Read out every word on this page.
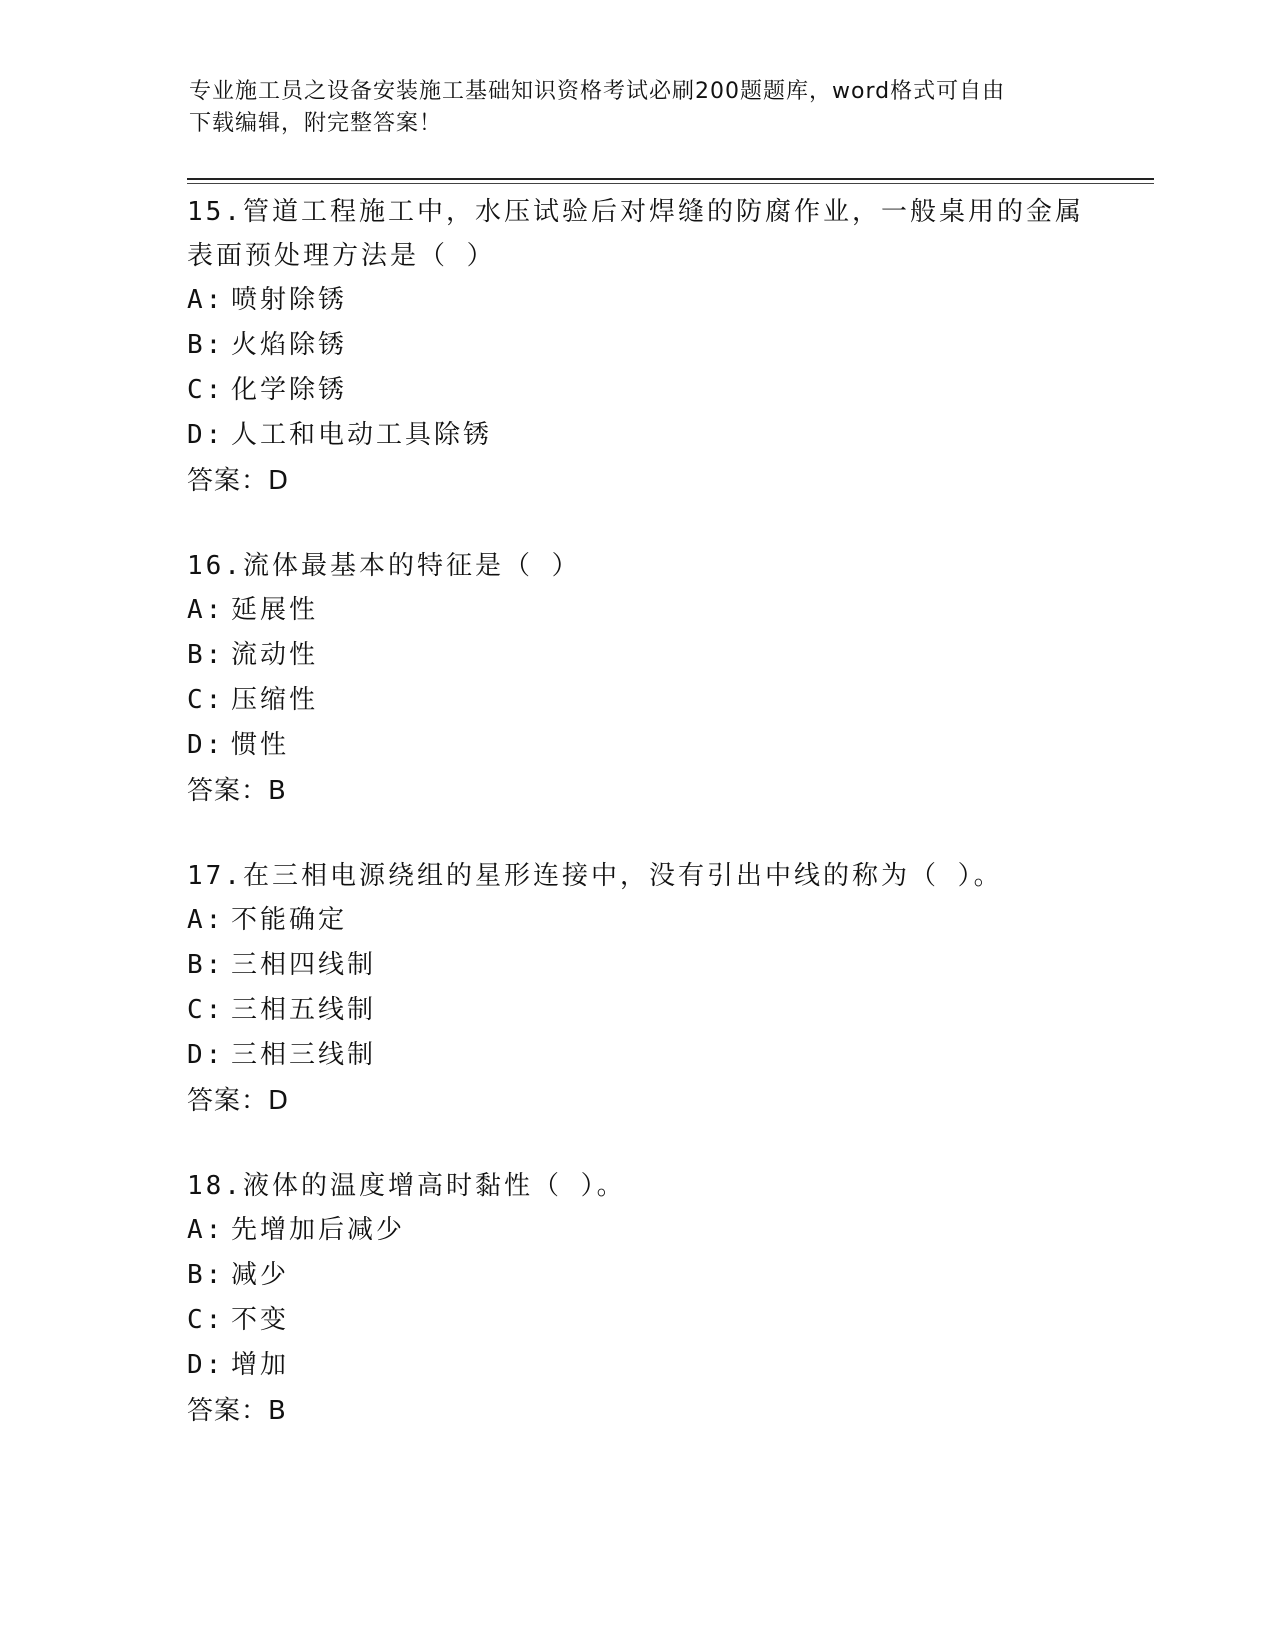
专业施工员之设备安装施工基础知识资格考试必刷200题题库，word格式可自由
下载编辑，附完整答案！
15.管道工程施工中，水压试验后对焊缝的防腐作业，一般桌用的金属
表面预处理方法是（ ）
A: 喷射除锈
B: 火焰除锈
C: 化学除锈
D: 人工和电动工具除锈
答案：D
16.流体最基本的特征是（ ）
A: 延展性
B: 流动性
C: 压缩性
D: 惯性
答案：B
17.在三相电源绕组的星形连接中，没有引出中线的称为（ ）。
A: 不能确定
B: 三相四线制
C: 三相五线制
D: 三相三线制
答案：D
18.液体的温度增高时黏性（ ）。
A: 先增加后减少
B: 减少
C: 不变
D: 增加
答案：B
